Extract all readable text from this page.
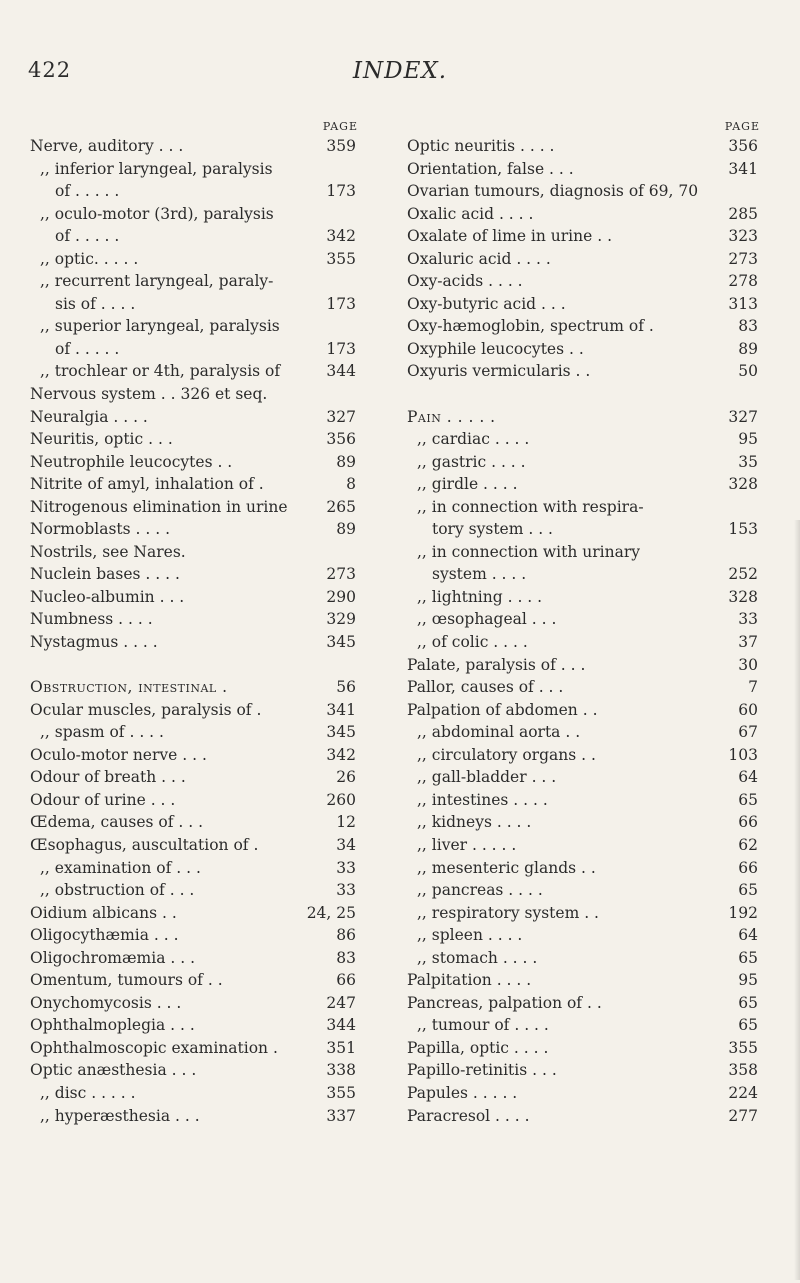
422	INDEX.
PAGE
Nerve, auditory . . .	359
,, inferior laryngeal, paralysis
of . . . . .	173
,, oculo-motor (3rd), paralysis
of . . . . .	342
,, optic. . . . .	355
,, recurrent laryngeal, paraly-
sis of . . . .	173
,, superior laryngeal, paralysis
of . . . . .	173
,, trochlear or 4th, paralysis of	344
Nervous system . . 326 et seq.
Neuralgia . . . .	327
Neuritis, optic . . .	356
Neutrophile leucocytes . .	89
Nitrite of amyl, inhalation of .	8
Nitrogenous elimination in urine	265
Normoblasts . . . .	89
Nostrils, see Nares.
Nuclein bases . . . .	273
Nucleo-albumin . . .	290
Numbness . . . .	329
Nystagmus . . . .	345
Obstruction, intestinal .	56
Ocular muscles, paralysis of .	341
,, spasm of . . . .	345
Oculo-motor nerve . . .	342
Odour of breath . . .	26
Odour of urine . . .	260
Œdema, causes of . . .	12
Œsophagus, auscultation of .	34
,, examination of . . .	33
,, obstruction of . . .	33
Oidium albicans . .	24, 25
Oligocythæmia . . .	86
Oligochromæmia . . .	83
Omentum, tumours of . .	66
Onychomycosis . . .	247
Ophthalmoplegia . . .	344
Ophthalmoscopic examination .	351
Optic anæsthesia . . .	338
,, disc . . . . .	355
,, hyperæsthesia . . .	337
PAGE
Optic neuritis . . . .	356
Orientation, false . . .	341
Ovarian tumours, diagnosis of 69, 70
Oxalic acid . . . .	285
Oxalate of lime in urine . .	323
Oxaluric acid . . . .	273
Oxy-acids . . . .	278
Oxy-butyric acid . . .	313
Oxy-hæmoglobin, spectrum of .	83
Oxyphile leucocytes . .	89
Oxyuris vermicularis . .	50
Pain . . . . .	327
,, cardiac . . . .	95
,, gastric . . . .	35
,, girdle . . . .	328
,, in connection with respira-
tory system . . .	153
,, in connection with urinary
system . . . .	252
,, lightning . . . .	328
,, œsophageal . . .	33
,, of colic . . . .	37
Palate, paralysis of . . .	30
Pallor, causes of . . .	7
Palpation of abdomen . .	60
,, abdominal aorta . .	67
,, circulatory organs . .	103
,, gall-bladder . . .	64
,, intestines . . . .	65
,, kidneys . . . .	66
,, liver . . . . .	62
,, mesenteric glands . .	66
,, pancreas . . . .	65
,, respiratory system . .	192
,, spleen . . . .	64
,, stomach . . . .	65
Palpitation . . . .	95
Pancreas, palpation of . .	65
,, tumour of . . . .	65
Papilla, optic . . . .	355
Papillo-retinitis . . .	358
Papules . . . . .	224
Paracresol . . . .	277
